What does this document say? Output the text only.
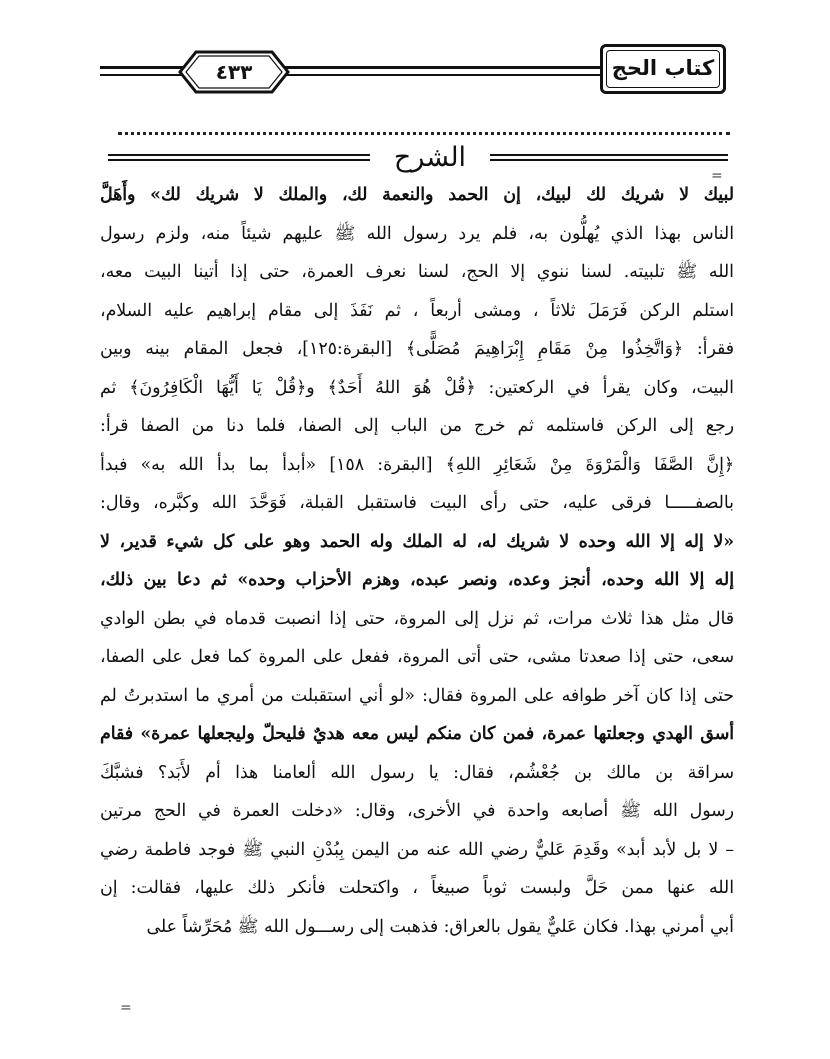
٤٣٣	كتاب الحج
الشرح
=
لبيك لا شريك لك لبيك، إن الحمد والنعمة لك، والملك لا شريك لك» وأَهَلَّ
الناس بهذا الذي يُهلُّون به، فلم يرد رسول الله ﷺ عليهم شيئاً منه، ولزم رسول
الله ﷺ تلبيته. لسنا ننوي إلا الحج، لسنا نعرف العمرة، حتى إذا أتينا البيت معه،
استلم الركن فَرَمَلَ ثلاثاً ، ومشى أربعاً ، ثم نَفَذَ إلى مقام إبراهيم عليه السلام،
فقرأ: ﴿وَاتَّخِذُوا مِنْ مَقَامِ إِبْرَاهِيمَ مُصَلًّى﴾ [البقرة:١٢٥]، فجعل المقام بينه وبين
البيت، وكان يقرأ في الركعتين: ﴿قُلْ هُوَ اللهُ أَحَدٌ﴾ و﴿قُلْ يَا أَيُّهَا الْكَافِرُونَ﴾ ثم
رجع إلى الركن فاستلمه ثم خرج من الباب إلى الصفا، فلما دنا من الصفا قرأ:
﴿إِنَّ الصَّفَا وَالْمَرْوَةَ مِنْ شَعَائِرِ اللهِ﴾ [البقرة: ١٥٨] «أبدأ بما بدأ الله به» فبدأ
بالصفـــــا فرقى عليه، حتى رأى البيت فاستقبل القبلة، فَوَحَّدَ الله وكبَّره، وقال:
«لا إله إلا الله وحده لا شريك له، له الملك وله الحمد وهو على كل شيء قدير، لا
إله إلا الله وحده، أنجز وعده، ونصر عبده، وهزم الأحزاب وحده» ثم دعا بين ذلك،
قال مثل هذا ثلاث مرات، ثم نزل إلى المروة، حتى إذا انصبت قدماه في بطن الوادي
سعى، حتى إذا صعدتا مشى، حتى أتى المروة، ففعل على المروة كما فعل على الصفا،
حتى إذا كان آخر طوافه على المروة فقال: «لو أني استقبلت من أمري ما استدبرتُ لم
أسق الهدي وجعلتها عمرة، فمن كان منكم ليس معه هديٌ فليحلّ وليجعلها عمرة» فقام
سراقة بن مالك بن جُعْشُم، فقال: يا رسول الله ألعامنا هذا أم لأَبَد؟ فشبَّكَ
رسول الله ﷺ أصابعه واحدة في الأخرى، وقال: «دخلت العمرة في الحج مرتين
– لا بل لأبد أبد» وقَدِمَ عَليٌّ رضي الله عنه من اليمن بِبُدْنِ النبي ﷺ فوجد فاطمة رضي
الله عنها ممن حَلَّ ولبست ثوباً صبيغاً ، واكتحلت فأنكر ذلك عليها، فقالت: إن
أبي أمرني بهذا. فكان عَليٌّ يقول بالعراق: فذهبت إلى رســـول الله ﷺ مُحَرِّشاً على
=
